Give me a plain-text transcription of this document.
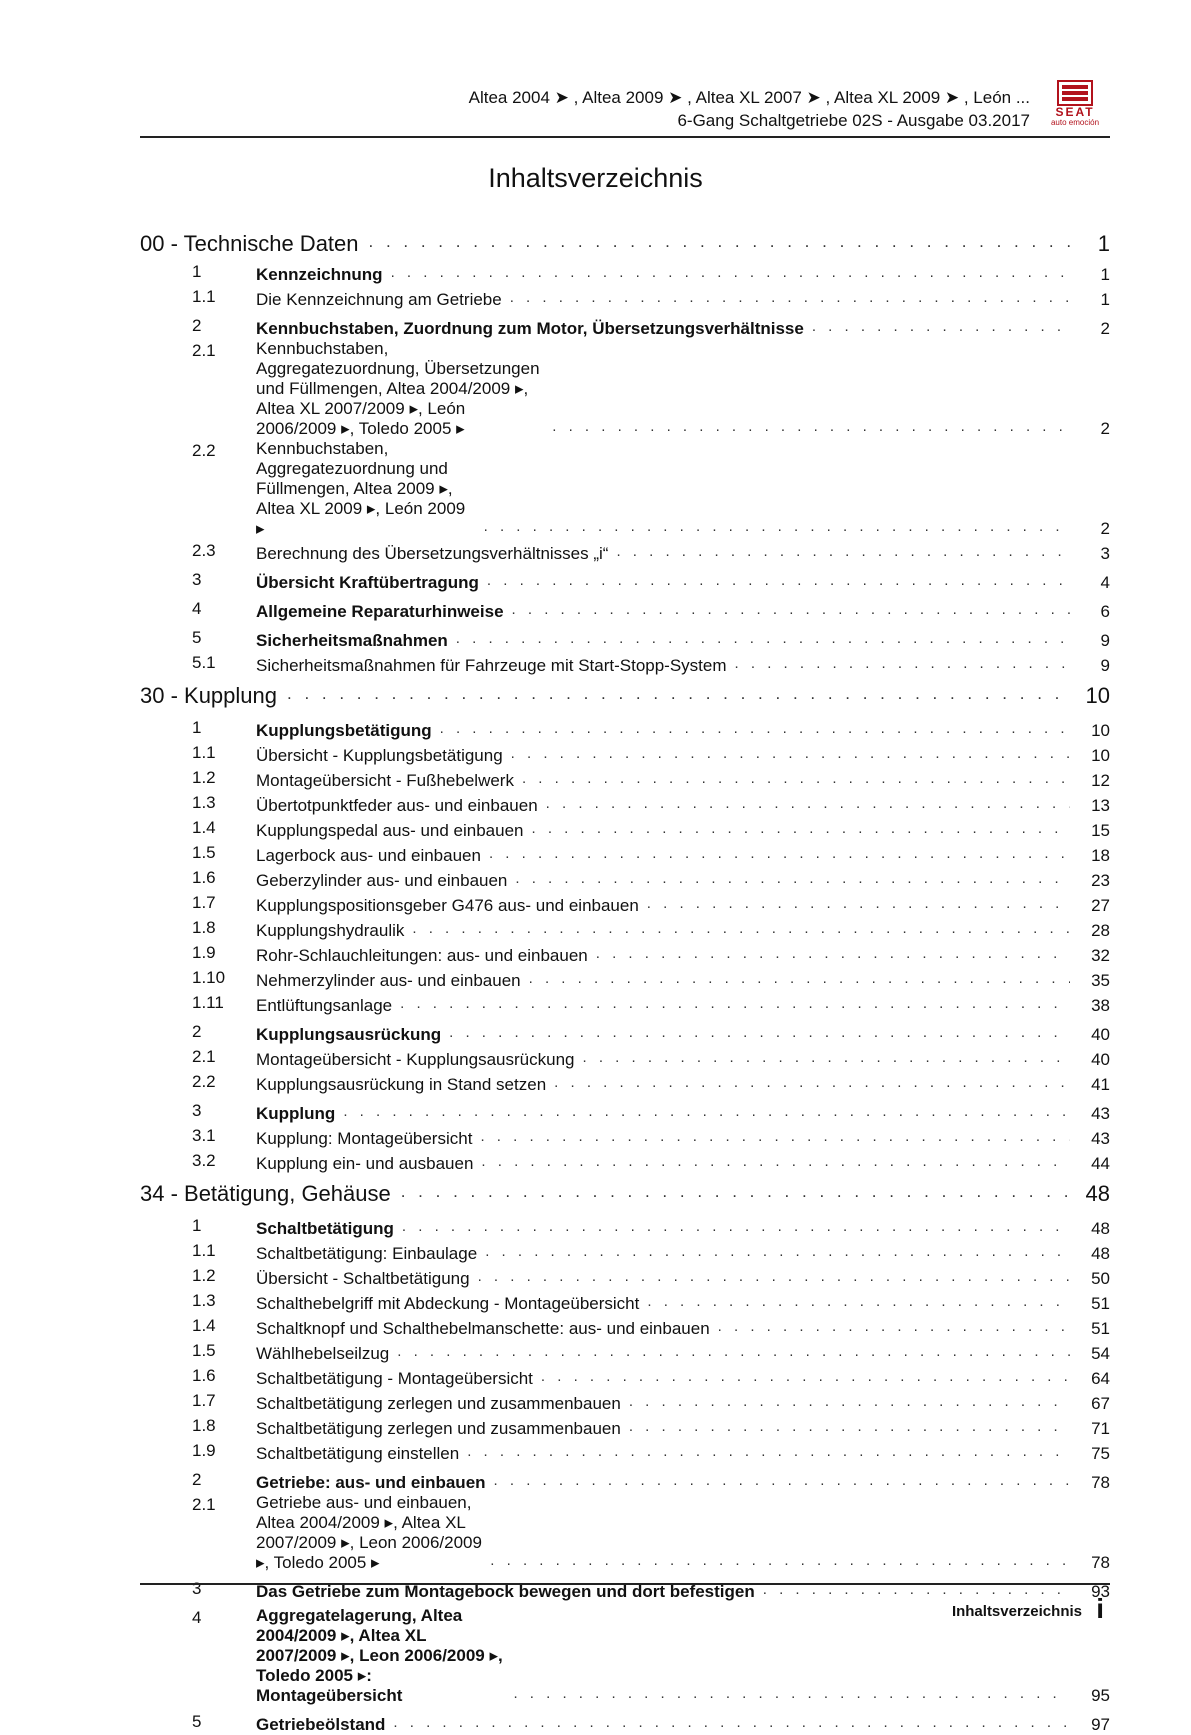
Altea 2004 ➤ , Altea 2009 ➤ , Altea XL 2007 ➤ , Altea XL 2009 ➤ , León ...
6-Gang Schaltgetriebe 02S - Ausgabe 03.2017	SEAT
auto emoción
Inhaltsverzeichnis
00 - Technische Daten . . .	1
1	Kennzeichnung . . .	1
1.1	Die Kennzeichnung am Getriebe . . .	1
2	Kennbuchstaben, Zuordnung zum Motor, Übersetzungsverhältnisse . . .	2
2.1	Kennbuchstaben, Aggregatezuordnung, Übersetzungen und Füllmengen, Altea 2004/2009 ▸, Altea XL 2007/2009 ▸, León 2006/2009 ▸, Toledo 2005 ▸ . . .	2
2.2	Kennbuchstaben, Aggregatezuordnung und Füllmengen, Altea 2009 ▸, Altea XL 2009 ▸, León 2009 ▸ . . .	2
2.3	Berechnung des Übersetzungsverhältnisses „i“ . . .	3
3	Übersicht Kraftübertragung . . .	4
4	Allgemeine Reparaturhinweise . . .	6
5	Sicherheitsmaßnahmen . . .	9
5.1	Sicherheitsmaßnahmen für Fahrzeuge mit Start-Stopp-System . . .	9
30 - Kupplung . . .	10
1	Kupplungsbetätigung . . .	10
1.1	Übersicht - Kupplungsbetätigung . . .	10
1.2	Montageübersicht - Fußhebelwerk . . .	12
1.3	Übertotpunktfeder aus- und einbauen . . .	13
1.4	Kupplungspedal aus- und einbauen . . .	15
1.5	Lagerbock aus- und einbauen . . .	18
1.6	Geberzylinder aus- und einbauen . . .	23
1.7	Kupplungspositionsgeber G476 aus- und einbauen . . .	27
1.8	Kupplungshydraulik . . .	28
1.9	Rohr-Schlauchleitungen: aus- und einbauen . . .	32
1.10	Nehmerzylinder aus- und einbauen . . .	35
1.11	Entlüftungsanlage . . .	38
2	Kupplungsausrückung . . .	40
2.1	Montageübersicht - Kupplungsausrückung . . .	40
2.2	Kupplungsausrückung in Stand setzen . . .	41
3	Kupplung . . .	43
3.1	Kupplung: Montageübersicht . . .	43
3.2	Kupplung ein- und ausbauen . . .	44
34 - Betätigung, Gehäuse . . .	48
1	Schaltbetätigung . . .	48
1.1	Schaltbetätigung: Einbaulage . . .	48
1.2	Übersicht - Schaltbetätigung . . .	50
1.3	Schalthebelgriff mit Abdeckung - Montageübersicht . . .	51
1.4	Schaltknopf und Schalthebelmanschette: aus- und einbauen . . .	51
1.5	Wählhebelseilzug . . .	54
1.6	Schaltbetätigung - Montageübersicht . . .	64
1.7	Schaltbetätigung zerlegen und zusammenbauen . . .	67
1.8	Schaltbetätigung zerlegen und zusammenbauen . . .	71
1.9	Schaltbetätigung einstellen . . .	75
2	Getriebe: aus- und einbauen . . .	78
2.1	Getriebe aus- und einbauen, Altea 2004/2009 ▸, Altea XL 2007/2009 ▸, Leon 2006/2009 ▸, Toledo 2005 ▸ . . .	78
3	Das Getriebe zum Montagebock bewegen und dort befestigen . . .	93
4	Aggregatelagerung, Altea 2004/2009 ▸, Altea XL 2007/2009 ▸, Leon 2006/2009 ▸, Toledo 2005 ▸: Montageübersicht . . .	95
5	Getriebeölstand . . .	97
Inhaltsverzeichnis i
